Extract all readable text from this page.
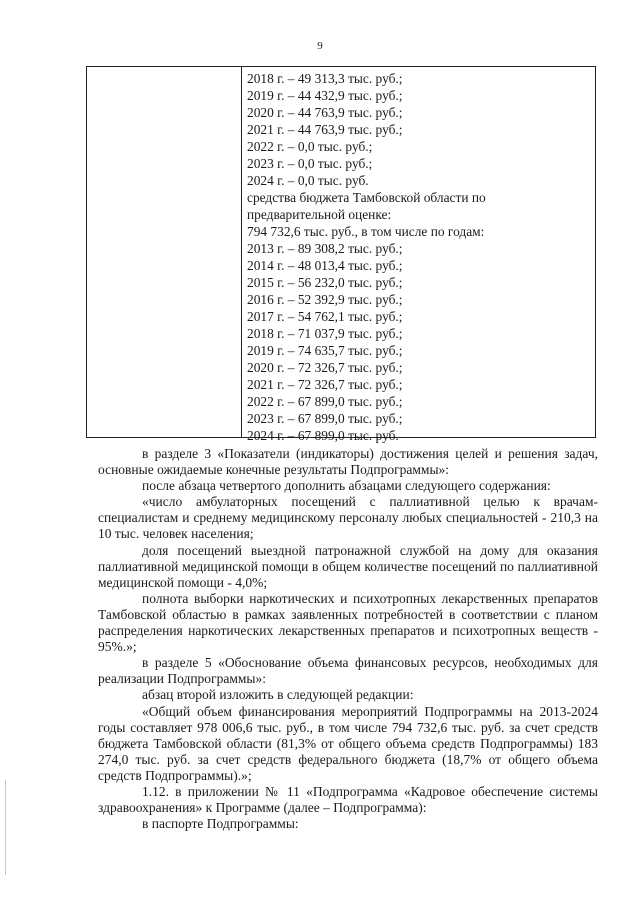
9
2018 г. – 49 313,3 тыс. руб.;
2019 г. – 44 432,9 тыс. руб.;
2020 г. – 44 763,9 тыс. руб.;
2021 г. – 44 763,9 тыс. руб.;
2022 г. – 0,0 тыс. руб.;
2023 г. – 0,0 тыс. руб.;
2024 г. – 0,0 тыс. руб.
средства бюджета Тамбовской области по
предварительной оценке:
794 732,6 тыс. руб., в том числе по годам:
2013 г. – 89 308,2 тыс. руб.;
2014 г. – 48 013,4 тыс. руб.;
2015 г. – 56 232,0 тыс. руб.;
2016 г. – 52 392,9 тыс. руб.;
2017 г. – 54 762,1 тыс. руб.;
2018 г. – 71 037,9 тыс. руб.;
2019 г. – 74 635,7 тыс. руб.;
2020 г. – 72 326,7 тыс. руб.;
2021 г. – 72 326,7 тыс. руб.;
2022 г. – 67 899,0 тыс. руб.;
2023 г. – 67 899,0 тыс. руб.;
2024 г. – 67 899,0 тыс. руб.
в разделе 3 «Показатели (индикаторы) достижения целей и решения задач, основные ожидаемые конечные результаты Подпрограммы»:
после абзаца четвертого дополнить абзацами следующего содержания:
«число амбулаторных посещений с паллиативной целью к врачам-специалистам и среднему медицинскому персоналу любых специальностей - 210,3 на 10 тыс. человек населения;
доля посещений выездной патронажной службой на дому для оказания паллиативной медицинской помощи в общем количестве посещений по паллиативной медицинской помощи - 4,0%;
полнота выборки наркотических и психотропных лекарственных препаратов Тамбовской областью в рамках заявленных потребностей в соответствии с планом распределения наркотических лекарственных препаратов и психотропных веществ - 95%.»;
в разделе 5 «Обоснование объема финансовых ресурсов, необходимых для реализации Подпрограммы»:
абзац второй изложить в следующей редакции:
«Общий объем финансирования мероприятий Подпрограммы на 2013-2024 годы составляет 978 006,6 тыс. руб., в том числе 794 732,6 тыс. руб. за счет средств бюджета Тамбовской области (81,3% от общего объема средств Подпрограммы) 183 274,0 тыс. руб. за счет средств федерального бюджета (18,7% от общего объема средств Подпрограммы).»;
1.12. в приложении № 11 «Подпрограмма «Кадровое обеспечение системы здравоохранения» к Программе (далее – Подпрограмма):
в паспорте Подпрограммы:
